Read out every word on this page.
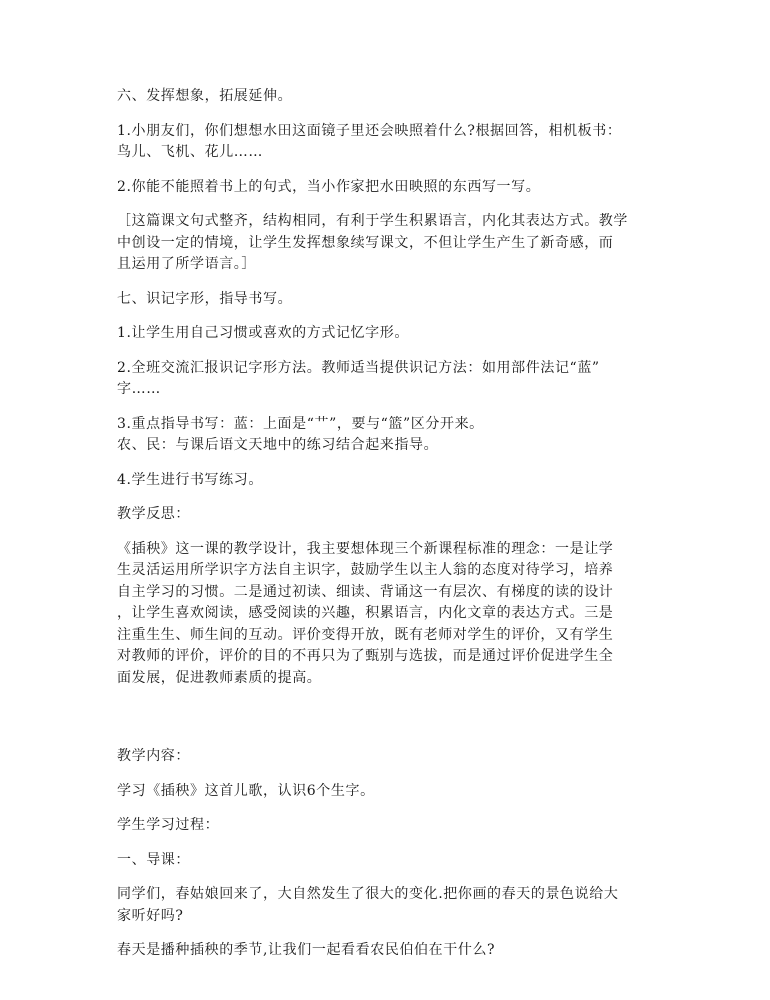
六、发挥想象，拓展延伸。
1.小朋友们，你们想想水田这面镜子里还会映照着什么?根据回答，相机板书：
鸟儿、飞机、花儿……
2.你能不能照着书上的句式，当小作家把水田映照的东西写一写。
［这篇课文句式整齐，结构相同，有利于学生积累语言，内化其表达方式。教学
中创设一定的情境，让学生发挥想象续写课文，不但让学生产生了新奇感，而
且运用了所学语言。］
七、识记字形，指导书写。
1.让学生用自己习惯或喜欢的方式记忆字形。
2.全班交流汇报识记字形方法。教师适当提供识记方法：如用部件法记“蓝”
字……
3.重点指导书写：蓝：上面是“艹”，要与“篮”区分开来。
农、民：与课后语文天地中的练习结合起来指导。
4.学生进行书写练习。
教学反思：
《插秧》这一课的教学设计，我主要想体现三个新课程标准的理念：一是让学
生灵活运用所学识字方法自主识字，鼓励学生以主人翁的态度对待学习，培养
自主学习的习惯。二是通过初读、细读、背诵这一有层次、有梯度的读的设计
，让学生喜欢阅读，感受阅读的兴趣，积累语言，内化文章的表达方式。三是
注重生生、师生间的互动。评价变得开放，既有老师对学生的评价，又有学生
对教师的评价，评价的目的不再只为了甄别与选拔，而是通过评价促进学生全
面发展，促进教师素质的提高。
教学内容：
学习《插秧》这首儿歌，认识6个生字。
学生学习过程：
一、导课：
同学们，春姑娘回来了，大自然发生了很大的变化.把你画的春天的景色说给大
家听好吗?
春天是播种插秧的季节,让我们一起看看农民伯伯在干什么?
